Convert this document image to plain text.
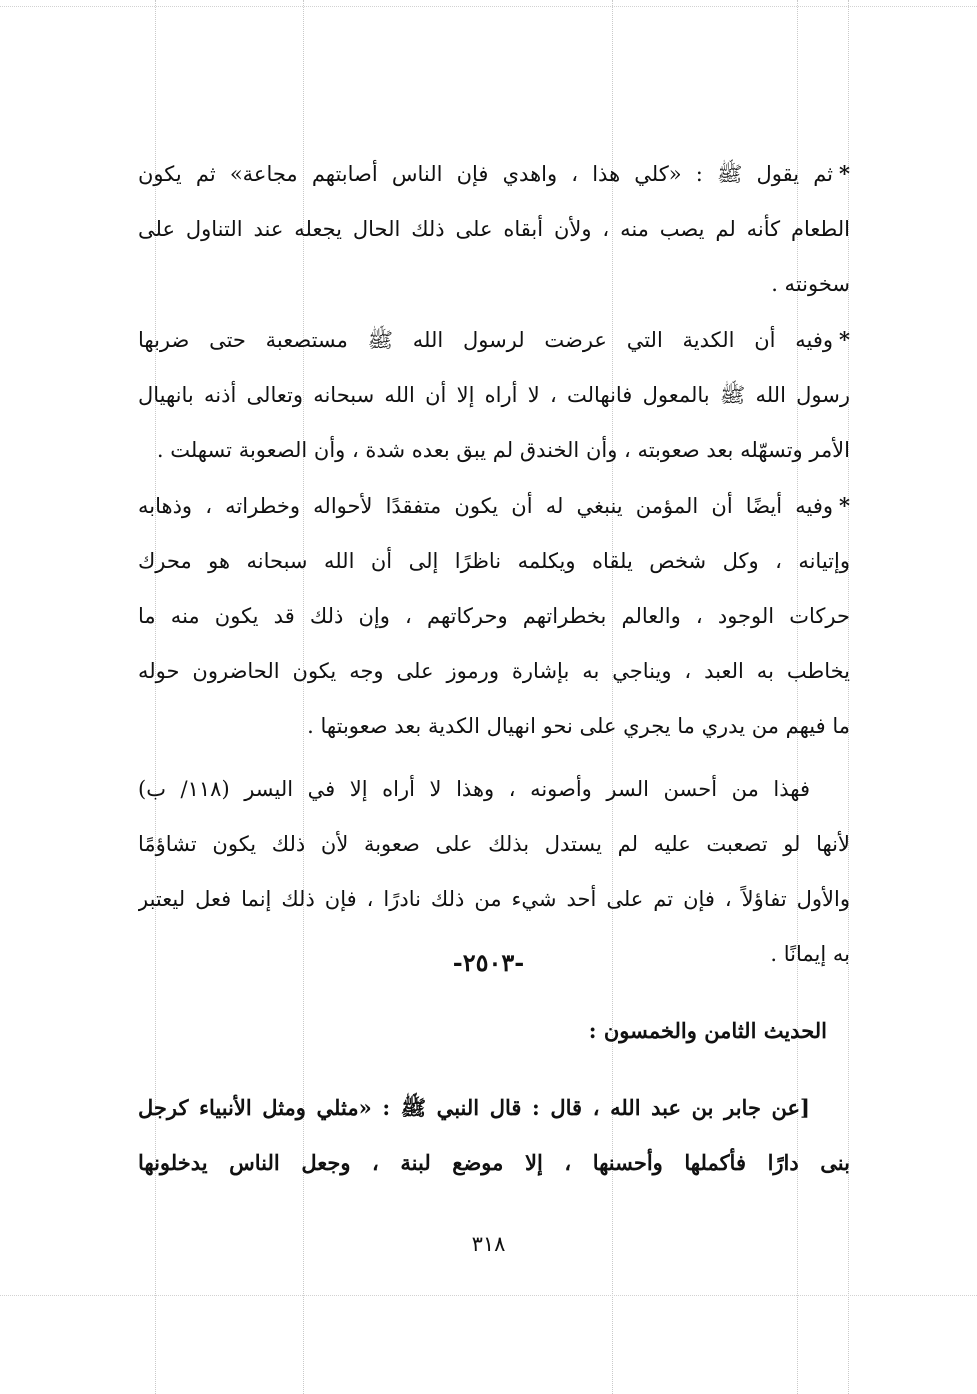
*ثم يقول ﷺ : «كلي هذا ، واهدي فإن الناس أصابتهم مجاعة» ثم يكون
الطعام كأنه لم يصب منه ، ولأن أبقاه على ذلك الحال يجعله عند التناول على
سخونته .

*وفيه أن الكدية التي عرضت لرسول الله ﷺ مستصعبة حتى ضربها
رسول الله ﷺ بالمعول فانهالت ، لا أراه إلا أن الله سبحانه وتعالى أذنه بانهيال
الأمر وتسهّله بعد صعوبته ، وأن الخندق لم يبق بعده شدة ، وأن الصعوبة تسهلت .

*وفيه أيضًا أن المؤمن ينبغي له أن يكون متفقدًا لأحواله وخطراته ، وذهابه
وإتيانه ، وكل شخص يلقاه ويكلمه ناظرًا إلى أن الله سبحانه هو محرك
حركات الوجود ، والعالم بخطراتهم وحركاتهم ، وإن ذلك قد يكون منه ما
يخاطب به العبد ، ويناجي به بإشارة ورموز على وجه يكون الحاضرون حوله
ما فيهم من يدري ما يجري على نحو انهيال الكدية بعد صعوبتها .

فهذا من أحسن السر وأصونه ، وهذا لا أراه إلا في اليسر (١١٨/ ب)
لأنها لو تصعبت عليه لم يستدل بذلك على صعوبة لأن ذلك يكون تشاؤمًا
والأول تفاؤلاً ، فإن تم على أحد شيء من ذلك نادرًا ، فإن ذلك إنما فعل ليعتبر
به إيمانًا .

-٢٥٠٣-
الحديث الثامن والخمسون :

[عن جابر بن عبد الله ، قال : قال النبي ﷺ : «مثلي ومثل الأنبياء كرجل
بنى دارًا فأكملها وأحسنها ، إلا موضع لبنة ، وجعل الناس يدخلونها

٣١٨
